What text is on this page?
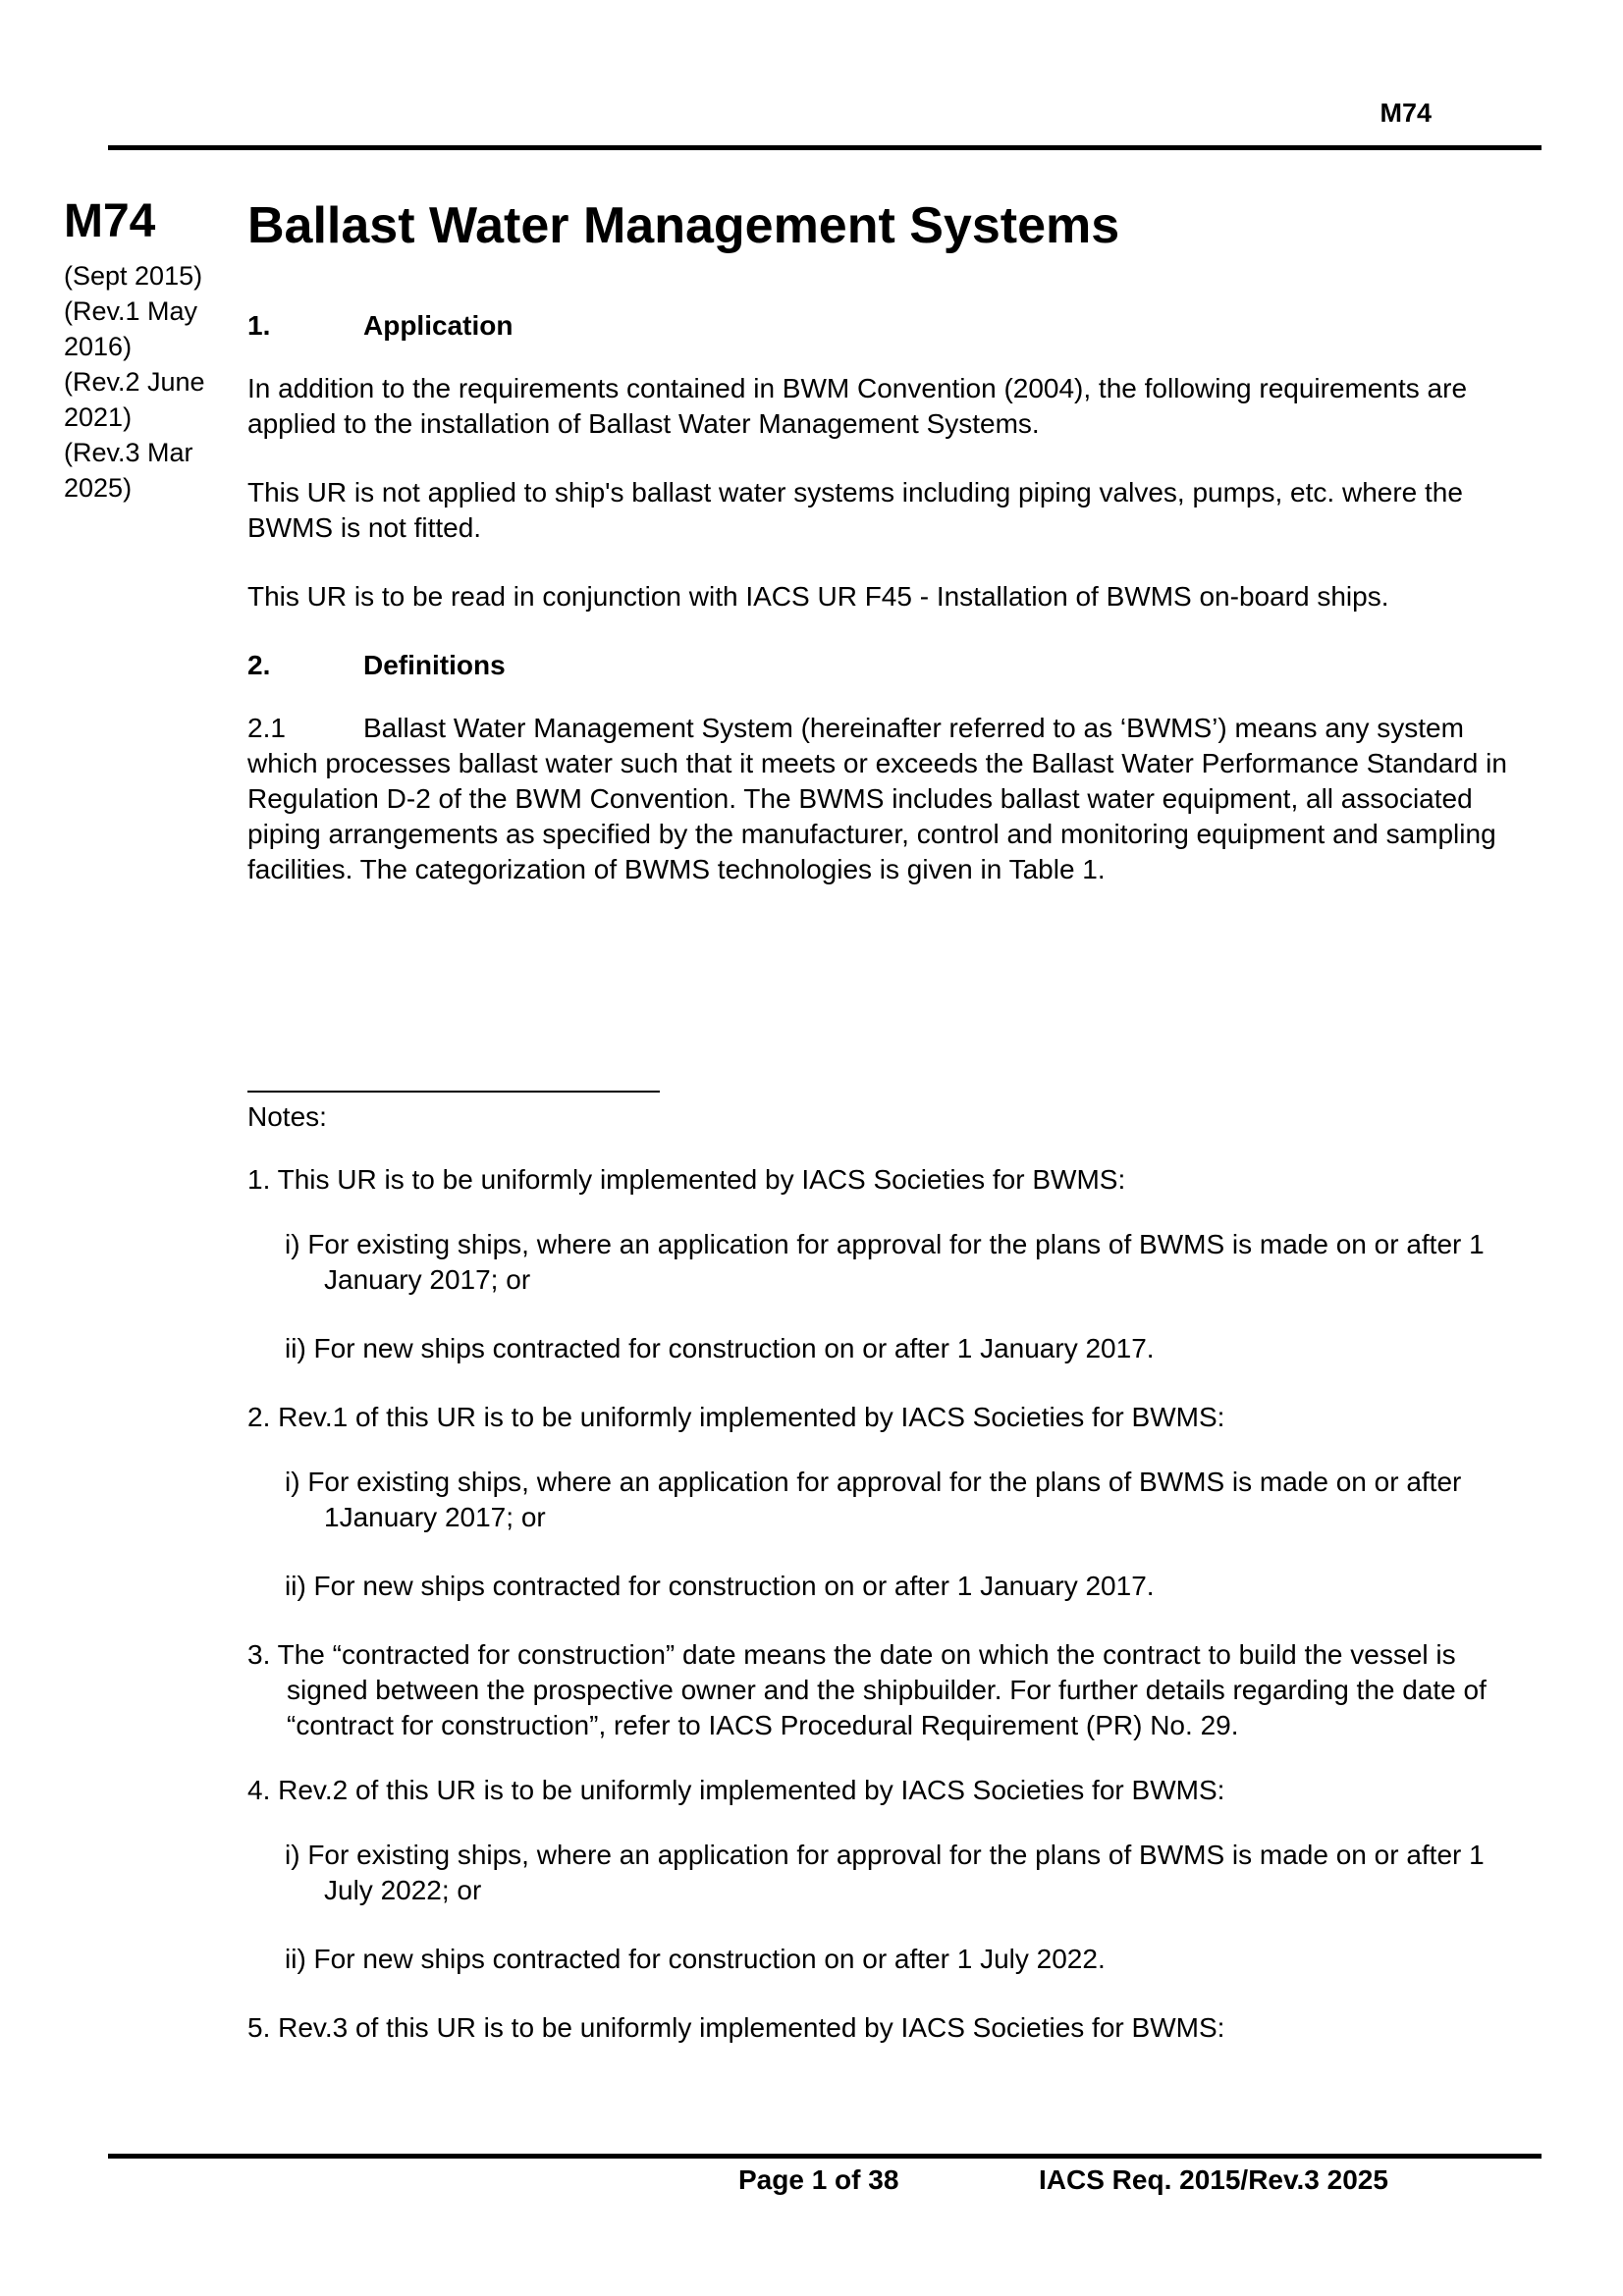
M74
M74
(Sept 2015)
(Rev.1 May 2016)
(Rev.2 June 2021)
(Rev.3 Mar 2025)
Ballast Water Management Systems
1.	Application

In addition to the requirements contained in BWM Convention (2004), the following requirements are applied to the installation of Ballast Water Management Systems.

This UR is not applied to ship's ballast water systems including piping valves, pumps, etc. where the BWMS is not fitted.

This UR is to be read in conjunction with IACS UR F45 - Installation of BWMS on-board ships.

2.	Definitions

2.1	Ballast Water Management System (hereinafter referred to as ‘BWMS’) means any system which processes ballast water such that it meets or exceeds the Ballast Water Performance Standard in Regulation D-2 of the BWM Convention. The BWMS includes ballast water equipment, all associated piping arrangements as specified by the manufacturer, control and monitoring equipment and sampling facilities. The categorization of BWMS technologies is given in Table 1.

Notes:
1. This UR is to be uniformly implemented by IACS Societies for BWMS:
i) For existing ships, where an application for approval for the plans of BWMS is made on or after 1 January 2017; or
ii) For new ships contracted for construction on or after 1 January 2017.
2. Rev.1 of this UR is to be uniformly implemented by IACS Societies for BWMS:
i) For existing ships, where an application for approval for the plans of BWMS is made on or after 1January 2017; or
ii) For new ships contracted for construction on or after 1 January 2017.
3. The “contracted for construction” date means the date on which the contract to build the vessel is signed between the prospective owner and the shipbuilder. For further details regarding the date of “contract for construction”, refer to IACS Procedural Requirement (PR) No. 29.
4. Rev.2 of this UR is to be uniformly implemented by IACS Societies for BWMS:
i) For existing ships, where an application for approval for the plans of BWMS is made on or after 1 July 2022; or
ii) For new ships contracted for construction on or after 1 July 2022.
5. Rev.3 of this UR is to be uniformly implemented by IACS Societies for BWMS:
Page 1 of 38	IACS Req. 2015/Rev.3 2025
